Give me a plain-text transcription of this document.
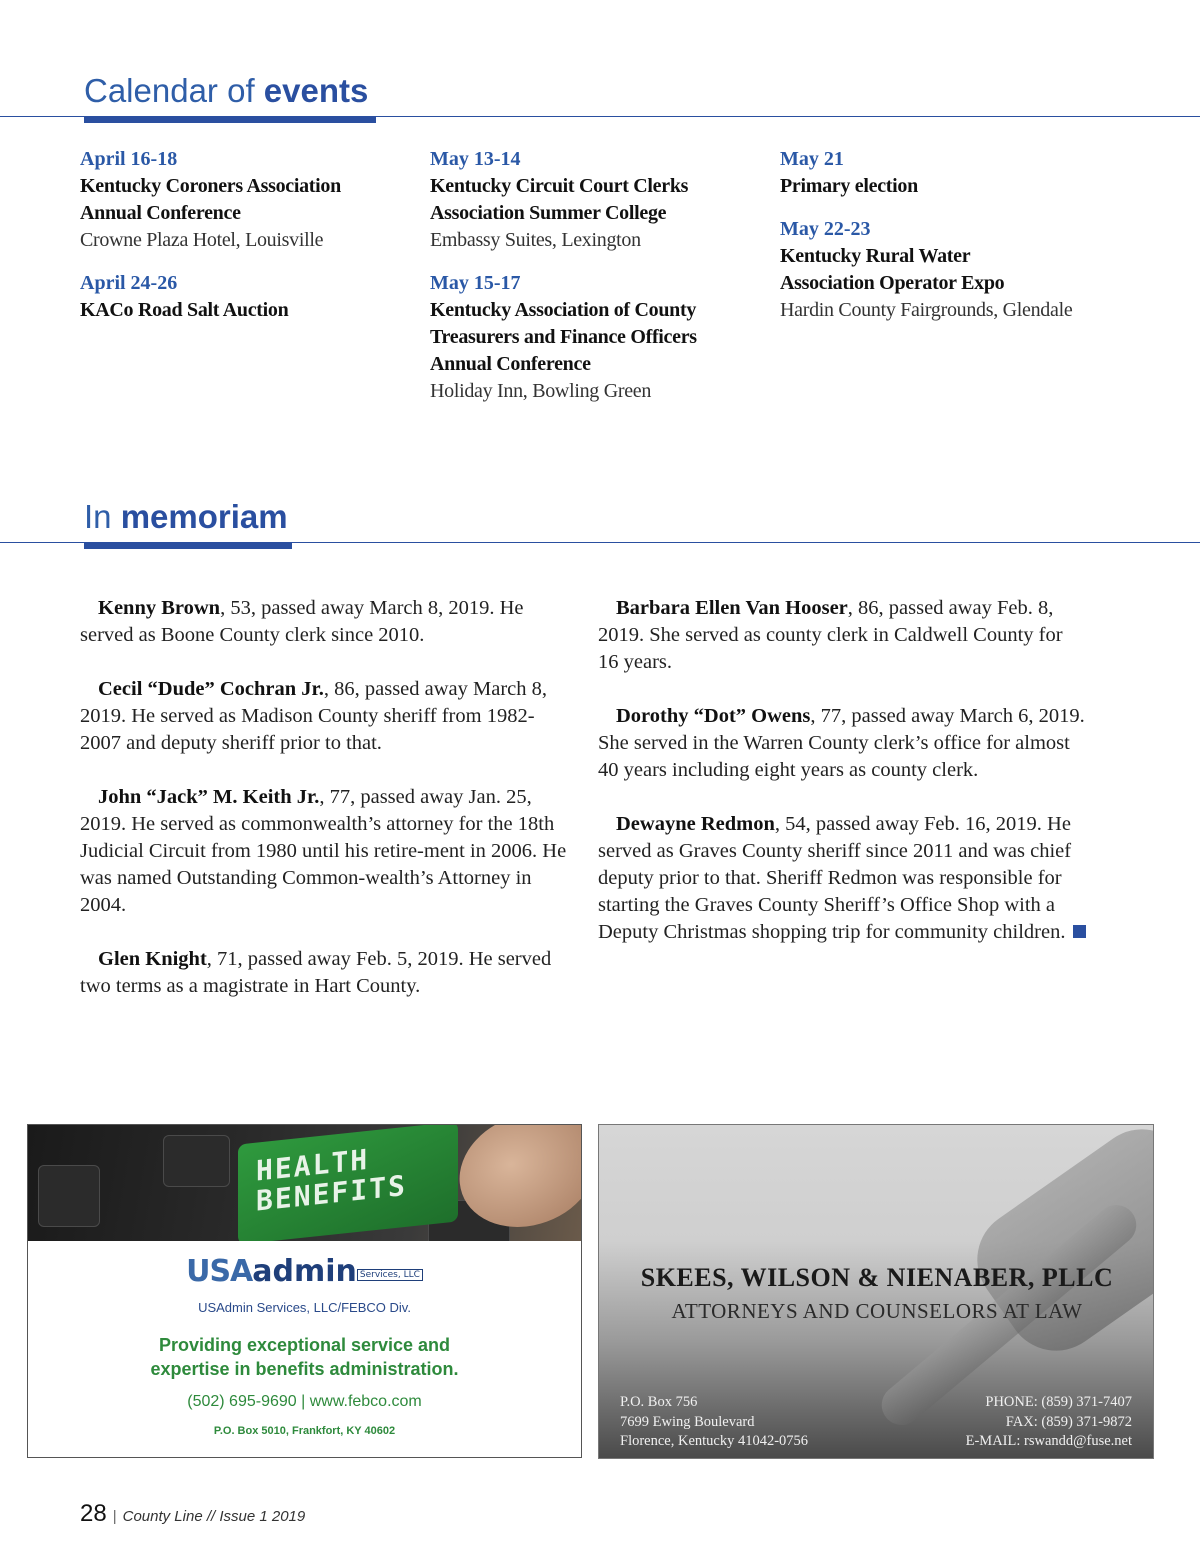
Calendar of events
April 16-18
Kentucky Coroners Association
Annual Conference
Crowne Plaza Hotel, Louisville
April 24-26
KACo Road Salt Auction
May 13-14
Kentucky Circuit Court Clerks
Association Summer College
Embassy Suites, Lexington
May 15-17
Kentucky Association of County
Treasurers and Finance Officers
Annual Conference
Holiday Inn, Bowling Green
May 21
Primary election
May 22-23
Kentucky Rural Water
Association Operator Expo
Hardin County Fairgrounds, Glendale
In memoriam

Kenny Brown, 53, passed away March 8, 2019. He served as Boone County clerk since 2010.

Cecil “Dude” Cochran Jr., 86, passed away March 8, 2019. He served as Madison County sheriff from 1982-2007 and deputy sheriff prior to that.

John “Jack” M. Keith Jr., 77, passed away Jan. 25, 2019. He served as commonwealth’s attorney for the 18th Judicial Circuit from 1980 until his retire-ment in 2006. He was named Outstanding Common-wealth’s Attorney in 2004.

Glen Knight, 71, passed away Feb. 5, 2019. He served two terms as a magistrate in Hart County.

Barbara Ellen Van Hooser, 86, passed away Feb. 8, 2019. She served as county clerk in Caldwell County for 16 years.

Dorothy “Dot” Owens, 77, passed away March 6, 2019. She served in the Warren County clerk’s office for almost 40 years including eight years as county clerk.

Dewayne Redmon, 54, passed away Feb. 16, 2019. He served as Graves County sheriff since 2011 and was chief deputy prior to that. Sheriff Redmon was responsible for starting the Graves County Sheriff’s Office Shop with a Deputy Christmas shopping trip for community children.

HEALTH BENEFITS
USAadmin Services, LLC
USAdmin Services, LLC/FEBCO Div.
Providing exceptional service and
expertise in benefits administration.
(502) 695-9690 | www.febco.com
P.O. Box 5010, Frankfort, KY 40602
SKEES, WILSON & NIENABER, PLLC
ATTORNEYS AND COUNSELORS AT LAW
P.O. Box 756
7699 Ewing Boulevard
Florence, Kentucky 41042-0756
PHONE: (859) 371-7407
FAX: (859) 371-9872
E-MAIL: rswandd@fuse.net
28 | County Line // Issue 1 2019
